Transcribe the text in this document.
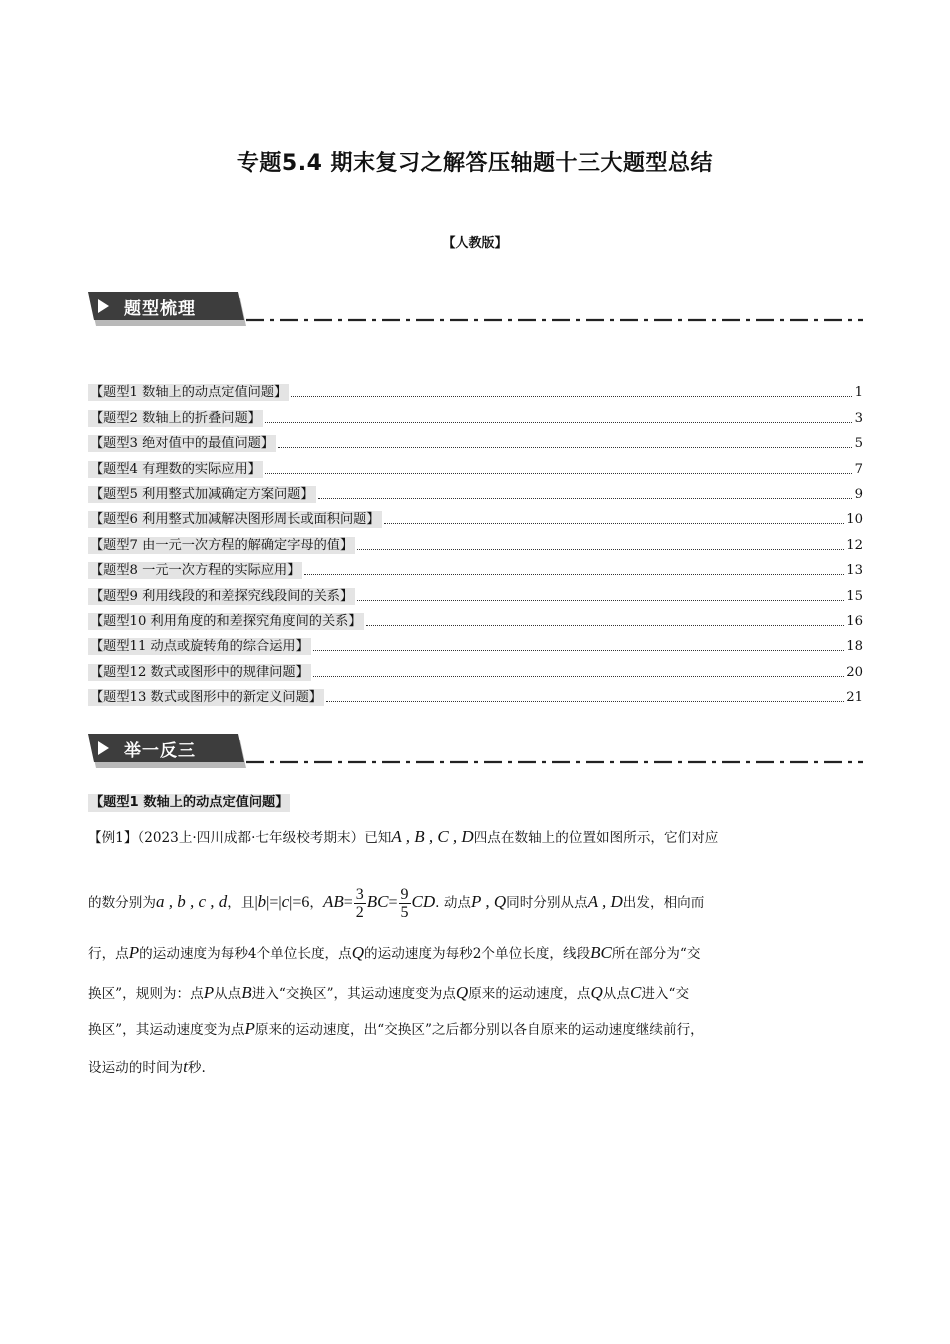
专题5.4 期末复习之解答压轴题十三大题型总结
【人教版】
题型梳理
【题型1 数轴上的动点定值问题】	1
【题型2 数轴上的折叠问题】	3
【题型3 绝对值中的最值问题】	5
【题型4 有理数的实际应用】	7
【题型5 利用整式加减确定方案问题】	9
【题型6 利用整式加减解决图形周长或面积问题】	10
【题型7 由一元一次方程的解确定字母的值】	12
【题型8 一元一次方程的实际应用】	13
【题型9 利用线段的和差探究线段间的关系】	15
【题型10 利用角度的和差探究角度间的关系】	16
【题型11 动点或旋转角的综合运用】	18
【题型12 数式或图形中的规律问题】	20
【题型13 数式或图形中的新定义问题】	21
举一反三
【题型1 数轴上的动点定值问题】
【例1】（2023上·四川成都·七年级校考期末）已知A , B , C , D四点在数轴上的位置如图所示，它们对应
的数分别为a , b , c , d，且|b|=|c|=6，$AB= \frac{3}{2} BC= \frac{9}{5}$ CD. 动点P , Q同时分别从点A , D出发，相向而
行，点P的运动速度为每秒4个单位长度，点Q的运动速度为每秒2个单位长度，线段BC所在部分为“交
换区”，规则为：点P从点B进入“交换区”，其运动速度变为点Q原来的运动速度，点Q从点C进入“交
换区”，其运动速度变为点P原来的运动速度，出“交换区”之后都分别以各自原来的运动速度继续前行，
设运动的时间为t秒.
